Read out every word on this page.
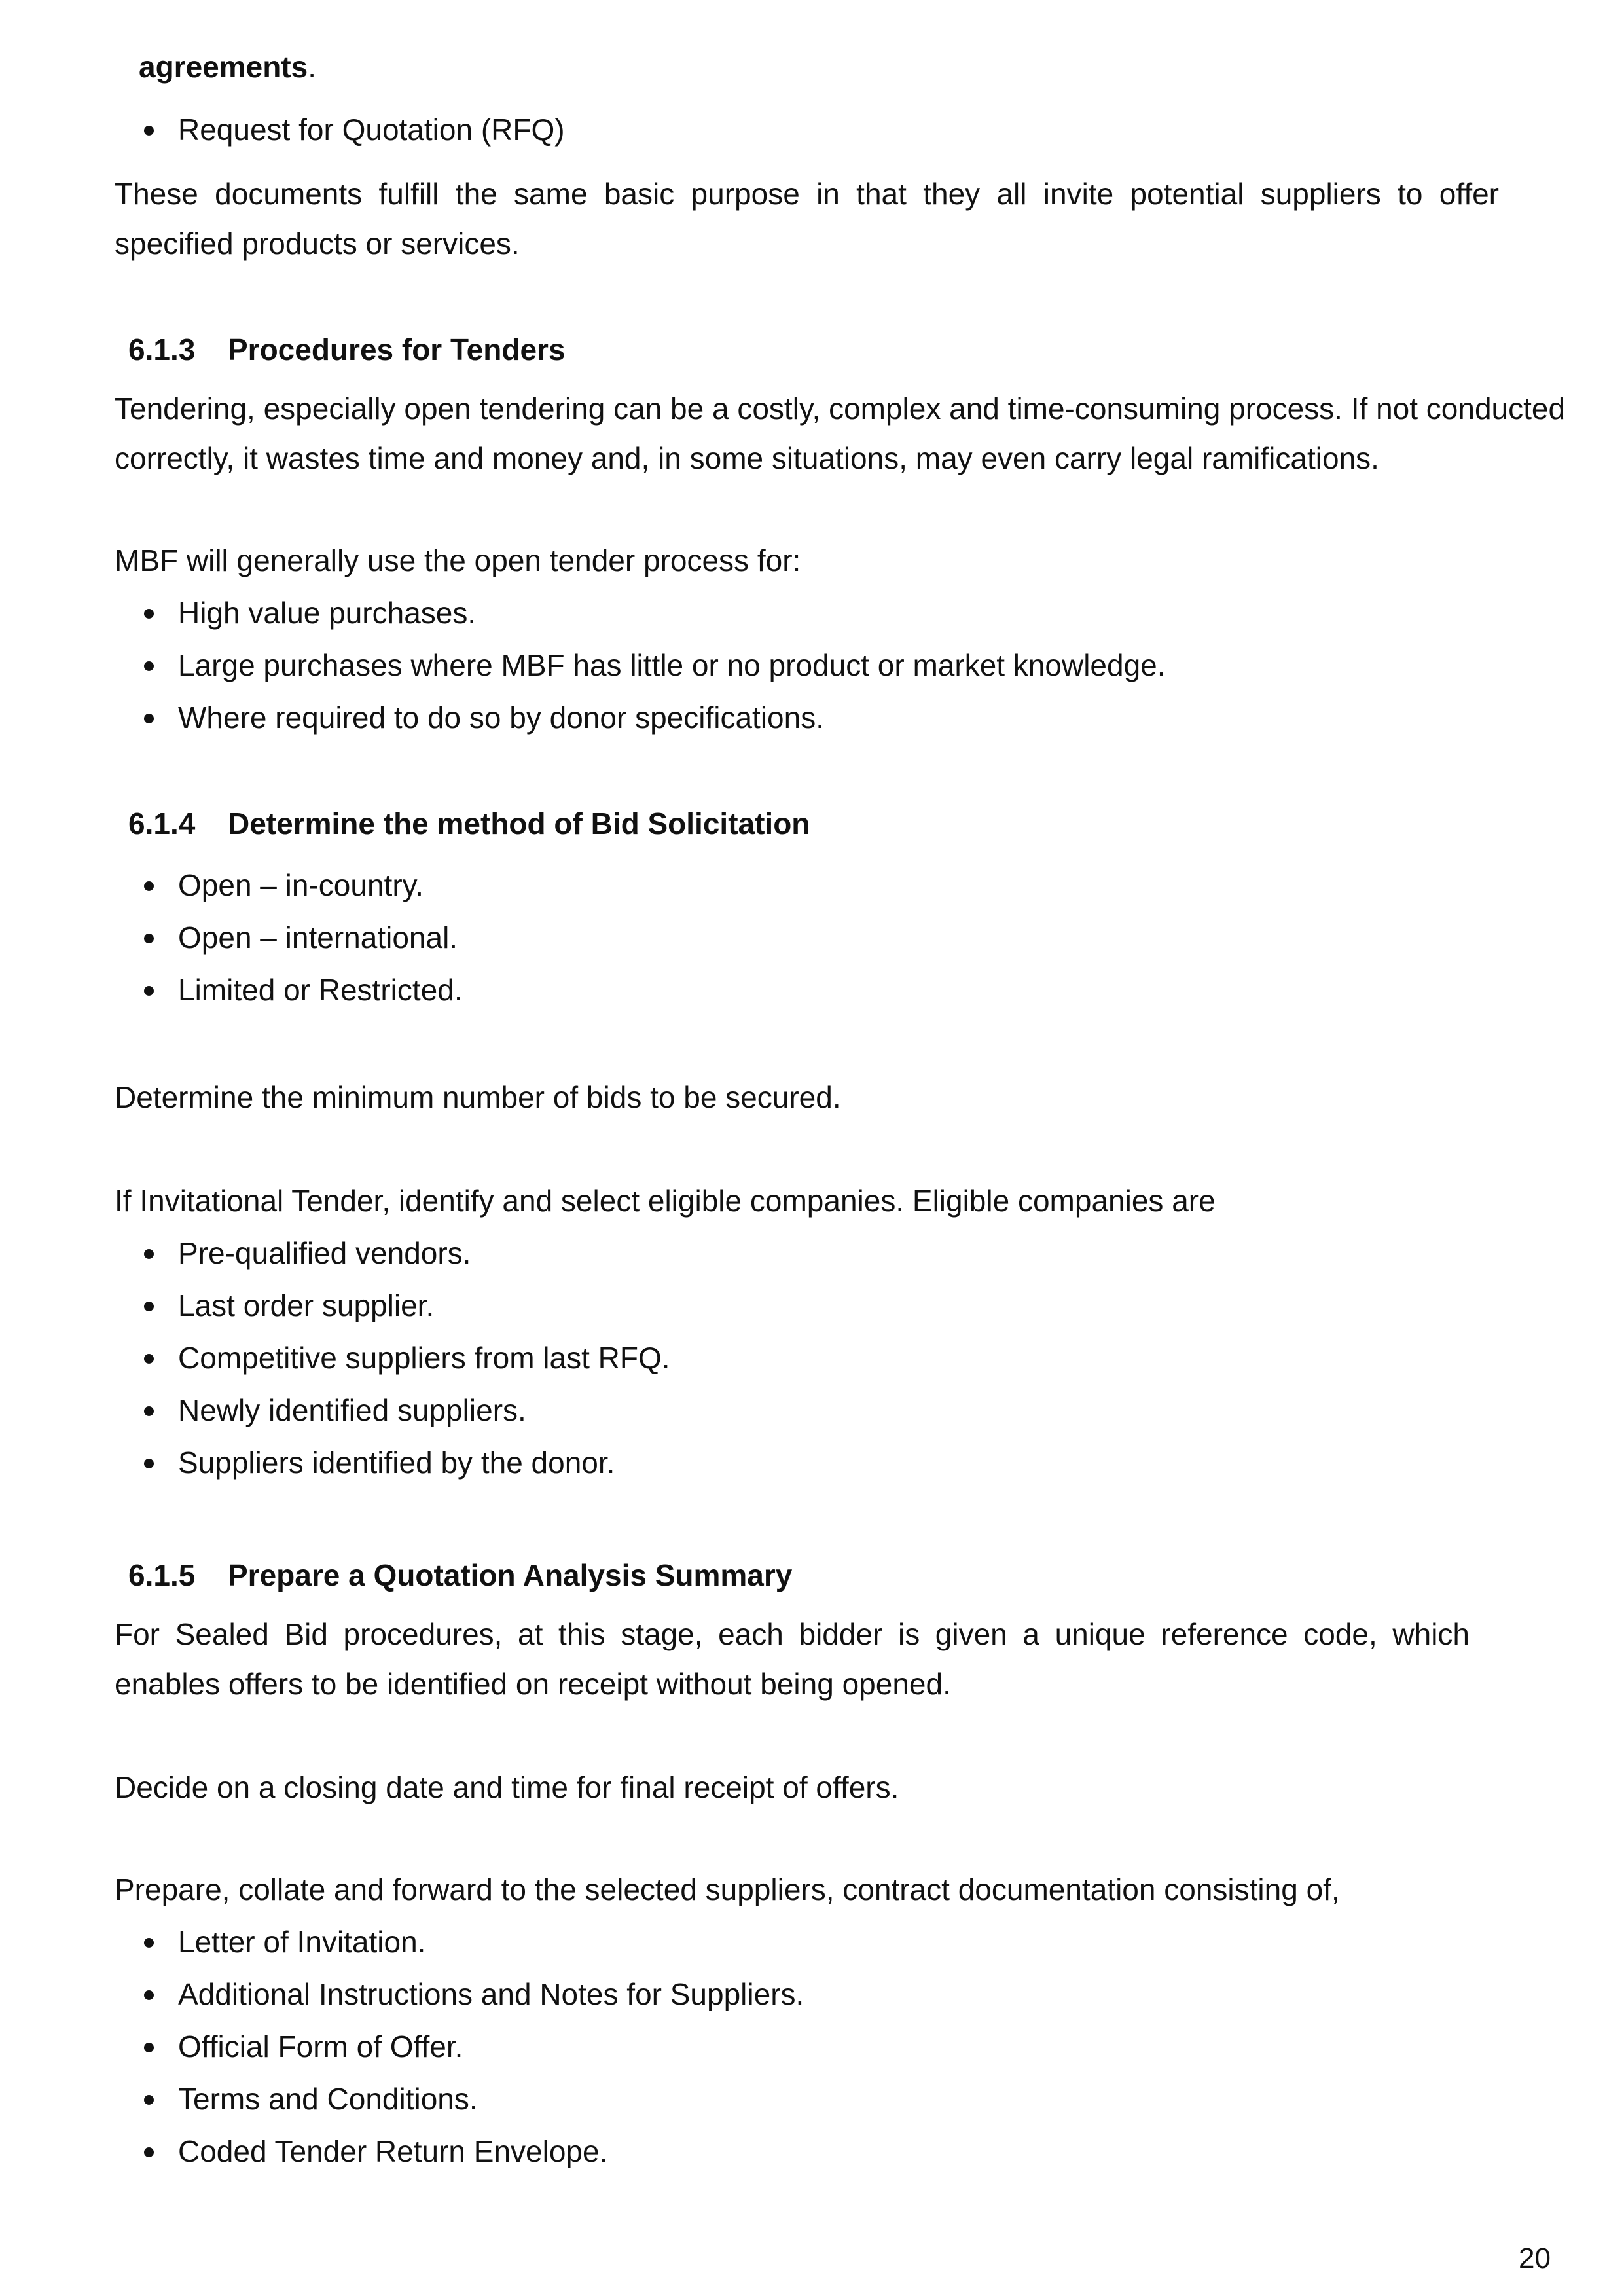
agreements.

Request for Quotation (RFQ)

These documents fulfill the same basic purpose in that they all invite potential suppliers to offer specified products or services.

6.1.3 Procedures for Tenders

Tendering, especially open tendering can be a costly, complex and time-consuming process. If not conducted correctly, it wastes time and money and, in some situations, may even carry legal ramifications.

MBF will generally use the open tender process for:

High value purchases.
Large purchases where MBF has little or no product or market knowledge.
Where required to do so by donor specifications.
6.1.4 Determine the method of Bid Solicitation
Open – in-country.
Open – international.
Limited or Restricted.

Determine the minimum number of bids to be secured.

If Invitational Tender, identify and select eligible companies. Eligible companies are

Pre-qualified vendors.
Last order supplier.
Competitive suppliers from last RFQ.
Newly identified suppliers.
Suppliers identified by the donor.
6.1.5 Prepare a Quotation Analysis Summary

For Sealed Bid procedures, at this stage, each bidder is given a unique reference code, which enables offers to be identified on receipt without being opened.

Decide on a closing date and time for final receipt of offers.

Prepare, collate and forward to the selected suppliers, contract documentation consisting of,

Letter of Invitation.
Additional Instructions and Notes for Suppliers.
Official Form of Offer.
Terms and Conditions.
Coded Tender Return Envelope.
20
